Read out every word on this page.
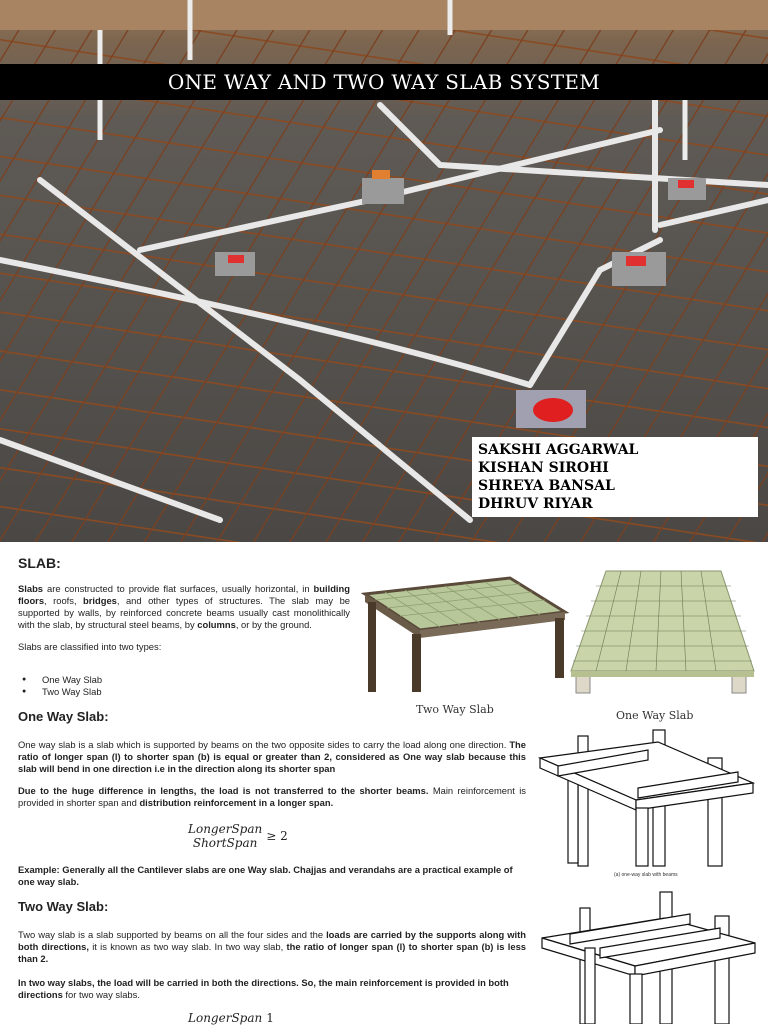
ONE WAY AND TWO WAY SLAB SYSTEM
SAKSHI AGGARWAL
KISHAN SIROHI
SHREYA BANSAL
DHRUV RIYAR
SLAB:
Slabs are constructed to provide flat surfaces, usually horizontal, in building floors, roofs, bridges, and other types of structures. The slab may be supported by walls, by reinforced concrete beams usually cast monolithically with the slab, by structural steel beams, by columns, or by the ground.
Slabs are classified into two types:
● One Way Slab
● Two Way Slab
Two Way Slab	One Way Slab
One Way Slab:
One way slab is a slab which is supported by beams on the two opposite sides to carry the load along one direction. The ratio of longer span (l) to shorter span (b) is equal or greater than 2, considered as One way slab because this slab will bend in one direction i.e in the direction along its shorter span
Due to the huge difference in lengths, the load is not transferred to the shorter beams. Main reinforcement is provided in shorter span and distribution reinforcement in a longer span.
LongerSpan
ShortSpan ≥ 2
Example: Generally all the Cantilever slabs are one Way slab. Chajjas and verandahs are a practical example of one way slab.
(a) one-way slab with beams
Two Way Slab:
Two way slab is a slab supported by beams on all the four sides and the loads are carried by the supports along with both directions, it is known as two way slab. In two way slab, the ratio of longer span (l) to shorter span (b) is less than 2.
In two way slabs, the load will be carried in both the directions. So, the main reinforcement is provided in both directions for two way slabs.
LongerSpan 1
